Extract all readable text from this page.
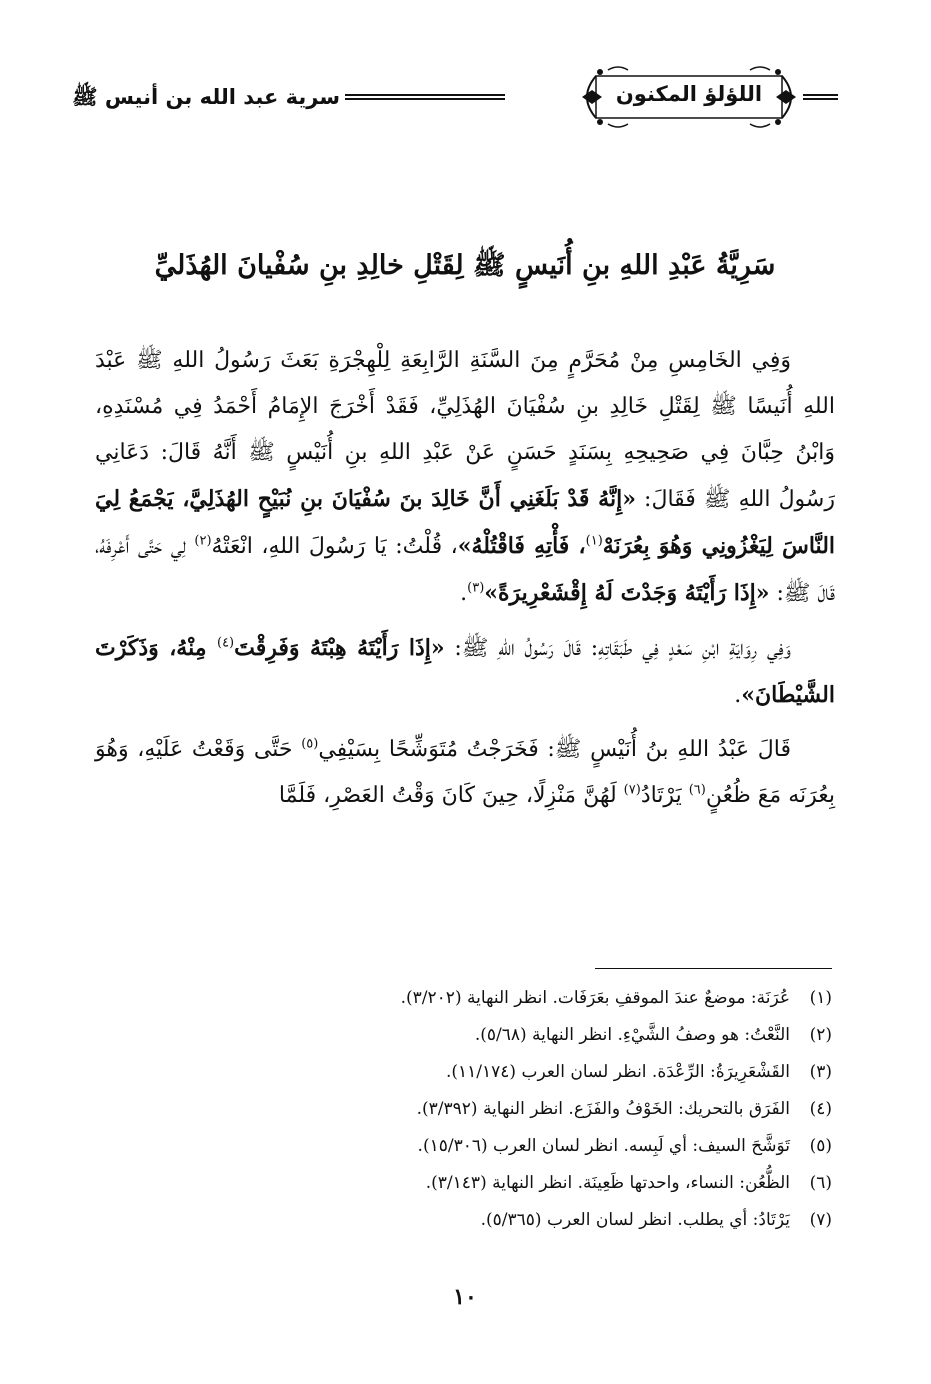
سرية عبد الله بن أنيس ﷺ	اللؤلؤ المكنون
سَرِيَّةُ عَبْدِ اللهِ بنِ أُنَيسٍ ﷺ لِقَتْلِ خالِدِ بنِ سُفْيانَ الهُذَليِّ

وَفِي الخَامِسِ مِنْ مُحَرَّمٍ مِنَ السَّنَةِ الرَّابِعَةِ لِلْهِجْرَةِ بَعَثَ رَسُولُ اللهِ ﷺ عَبْدَ اللهِ أُنَيسًا ﷺ لِقَتْلِ خَالِدِ بنِ سُفْيَانَ الهُذَلِيِّ، فَقَدْ أَخْرَجَ الإِمَامُ أَحْمَدُ فِي مُسْنَدِهِ، وَابْنُ حِبَّانَ فِي صَحِيحِهِ بِسَنَدٍ حَسَنٍ عَنْ عَبْدِ اللهِ بنِ أُنَيْسٍ ﷺ أَنَّهُ قَالَ: دَعَانِي رَسُولُ اللهِ ﷺ فَقَالَ: «إِنَّهُ قَدْ بَلَغَنِي أَنَّ خَالِدَ بنَ سُفْيَانَ بنِ نُبَيْحٍ الهُذَلِيَّ، يَجْمَعُ لِيَ النَّاسَ لِيَغْزُونِي وَهُوَ بِعُرَنَهْ$^{(١)}$، فَأْتِهِ فَاقْتُلْهُ»، قُلْتُ: يَا رَسُولَ اللهِ، انْعَتْهُ$^{(٢)}$ لِي حَتَّى أَعْرِفَهُ، قَالَ ﷺ: «إِذَا رَأَيْتَهُ وَجَدْتَ لَهُ إِقْشَعْرِيرَةً»$^{(٣)}$.

وَفِي رِوَايَةِ ابْنِ سَعْدٍ فِي طَبَقَاتِهِ: قَالَ رَسُولُ اللهِ ﷺ: «إِذَا رَأَيْتَهُ هِبْتَهُ وَفَرِقْتَ$^{(٤)}$ مِنْهُ، وَذَكَرْتَ الشَّيْطَانَ».

قَالَ عَبْدُ اللهِ بنُ أُنَيْسٍ ﷺ: فَخَرَجْتُ مُتَوَشِّحًا بِسَيْفِي$^{(٥)}$ حَتَّى وَقَعْتُ عَلَيْهِ، وَهُوَ بِعُرَنَه مَعَ ظُعُنٍ$^{(٦)}$ يَرْتَادُ$^{(٧)}$ لَهُنَّ مَنْزِلًا، حِينَ كَانَ وَقْتُ العَصْرِ، فَلَمَّا

(١)عُرَنَة: موضعٌ عندَ الموقفِ بعَرَفَات. انظر النهاية (٣/٢٠٢).
(٢)النَّعْتُ: هو وصفُ الشَّيْءِ. انظر النهاية (٥/٦٨).
(٣)القَشْعَرِيرَةُ: الرِّعْدَة. انظر لسان العرب (١١/١٧٤).
(٤)الفَرَق بالتحريك: الخَوْفُ والفَزَع. انظر النهاية (٣/٣٩٢).
(٥)تَوَشَّحَ السيف: أي لَبِسه. انظر لسان العرب (١٥/٣٠٦).
(٦)الظُّعُن: النساء، واحدتها ظَعِينَة. انظر النهاية (٣/١٤٣).
(٧)يَرْتَادُ: أي يطلب. انظر لسان العرب (٥/٣٦٥).
١٠
